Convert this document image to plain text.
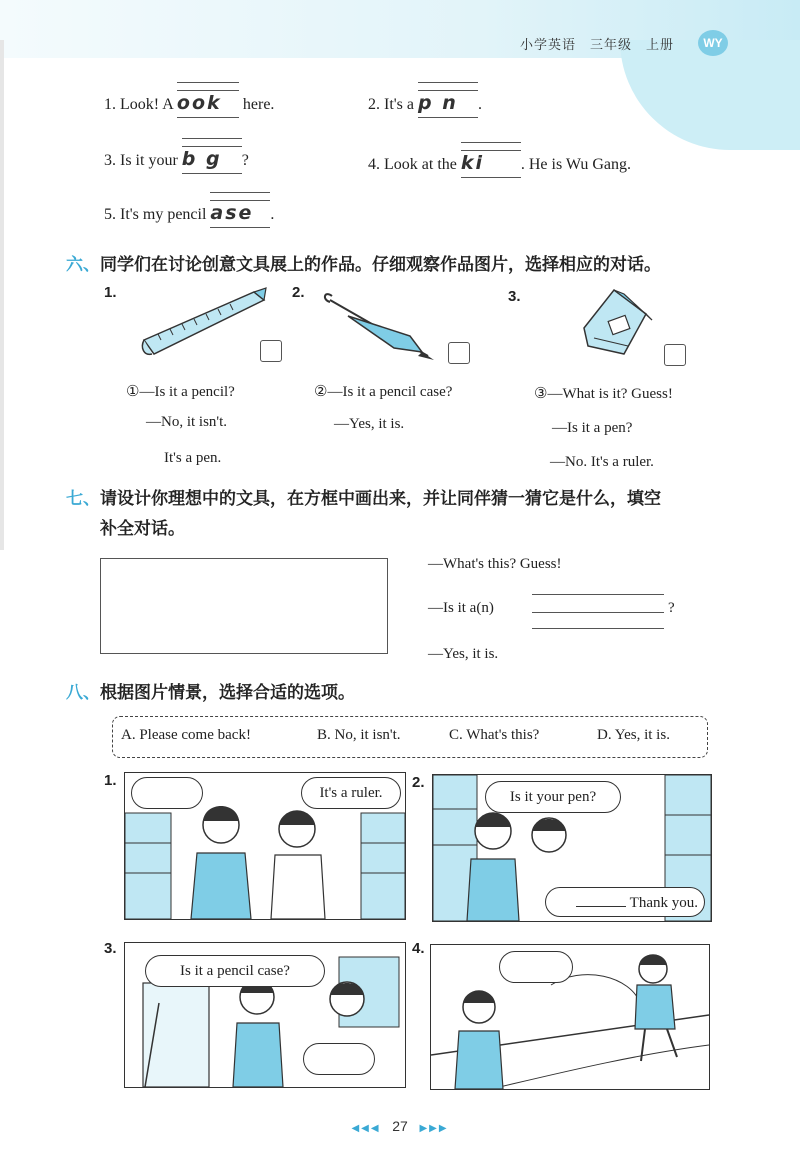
小学英语　三年级　上册	WY
1. Look! A
ook here.	2. It's a
p n .
3. Is it your
b g ?	4. Look at the
ki . He is Wu Gang.
5. It's my pencil
ase .
六、同学们在讨论创意文具展上的作品。仔细观察作品图片，选择相应的对话。
1.	2.	3.
①—Is it a pencil?
—No, it isn't.
It's a pen.
②—Is it a pencil case?
—Yes, it is.
③—What is it? Guess!
—Is it a pen?
—No. It's a ruler.
七、请设计你理想中的文具，在方框中画出来，并让同伴猜一猜它是什么，填空
补全对话。
—What's this? Guess!
—Is it a(n)	?
—Yes, it is.
八、根据图片情景，选择合适的选项。
A. Please come back!	B. No, it isn't.	C. What's this?	D. Yes, it is.
1.
It's a ruler.
2.
Is it your pen?
Thank you.
3.
Is it a pencil case?
4.
◀◀◀ 27 ▶▶▶
